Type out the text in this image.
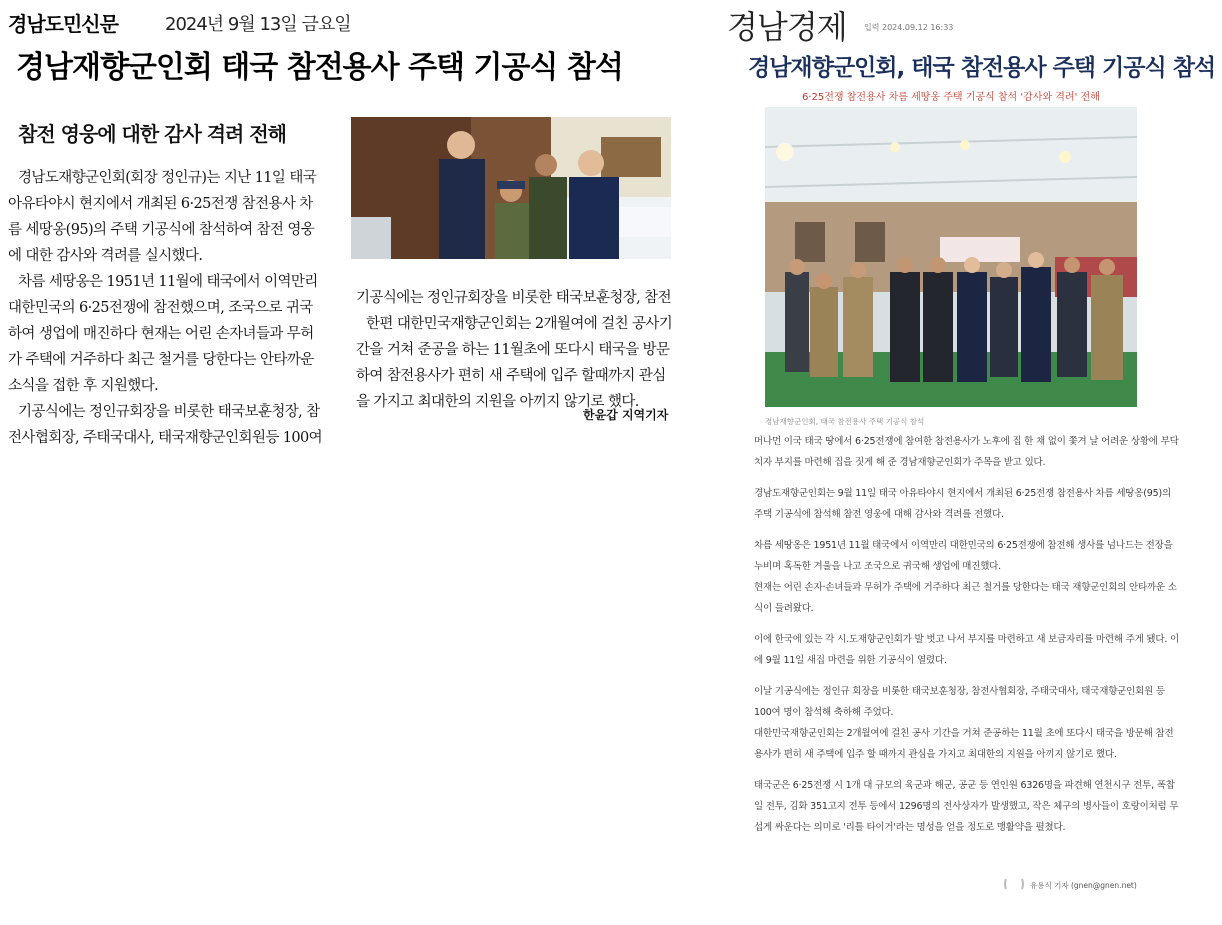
경남도민신문	2024년 9월 13일 금요일
경남재향군인회 태국 참전용사 주택 기공식 참석
참전 영웅에 대한 감사 격려 전해

경남도재향군인회(회장 정인규)는 지난 11일 태국 아유타야시 현지에서 개최된 6·25전쟁 참전용사 차름 세땅옹(95)의 주택 기공식에 참석하여 참전 영웅에 대한 감사와 격려를 실시했다.

차름 세땅옹은 1951년 11월에 태국에서 이역만리 대한민국의 6·25전쟁에 참전했으며, 조국으로 귀국하여 생업에 매진하다 현재는 어린 손자녀들과 무허가 주택에 거주하다 최근 철거를 당한다는 안타까운 소식을 접한 후 지원했다.

기공식에는 정인규회장을 비롯한 태국보훈청장, 참전사협회장, 주태국대사, 태국재향군인회원등 100여

기공식에는 정인규회장을 비롯한 태국보훈청장, 참전

한편 대한민국재향군인회는 2개월여에 걸친 공사기간을 거쳐 준공을 하는 11월초에 또다시 태국을 방문하여 참전용사가 편히 새 주택에 입주 할때까지 관심을 가지고 최대한의 지원을 아끼지 않기로 했다.

한윤갑 지역기자
경남경제 입력 2024.09.12 16:33
경남재향군인회, 태국 참전용사 주택 기공식 참석
6·25전쟁 참전용사 차름 세땅옹 주택 기공식 참석 '감사와 격려' 전해
경남재향군인회, 태국 참전용사 주택 기공식 참석

머나먼 이국 태국 땅에서 6·25전쟁에 참여한 참전용사가 노후에 집 한 채 없이 쫓겨 날 어려운 상황에 부닥치자 부지를 마련해 집을 짓게 해 준 경남재향군인회가 주목을 받고 있다.

경남도재향군인회는 9월 11일 태국 아유타야시 현지에서 개최된 6·25전쟁 참전용사 차름 세땅옹(95)의 주택 기공식에 참석해 참전 영웅에 대해 감사와 격려를 전했다.

차름 세땅옹은 1951년 11월 태국에서 이역만리 대한민국의 6·25전쟁에 참전해 생사를 넘나드는 전장을 누비며 혹독한 겨울을 나고 조국으로 귀국해 생업에 매진했다.

현재는 어린 손자·손녀들과 무허가 주택에 거주하다 최근 철거를 당한다는 태국 재향군인회의 안타까운 소식이 들려왔다.

이에 한국에 있는 각 시.도재향군인회가 발 벗고 나서 부지를 마련하고 새 보금자리를 마련해 주게 됐다. 이에 9월 11일 새집 마련을 위한 기공식이 열렸다.

이날 기공식에는 정인규 회장을 비롯한 태국보훈청장, 참전사협회장, 주태국대사, 태국재향군인회원 등 100여 명이 참석해 축하해 주었다.

대한민국재향군인회는 2개월여에 걸친 공사 기간을 거쳐 준공하는 11월 초에 또다시 태국을 방문해 참전용사가 편히 새 주택에 입주 할 때까지 관심을 가지고 최대한의 지원을 아끼지 않기로 했다.

태국군은 6·25전쟁 시 1개 대 규모의 육군과 해군, 공군 등 연인원 6326명을 파견해 연천시구 전투, 폭찹일 전투, 김화 351고지 전투 등에서 1296명의 전사상자가 발생했고, 작은 체구의 병사들이 호랑이처럼 무섭게 싸운다는 의미로 '리틀 타이거'라는 명성을 얻을 정도로 맹활약을 펼쳤다.

유용식 기자 (gnen@gnen.net)
